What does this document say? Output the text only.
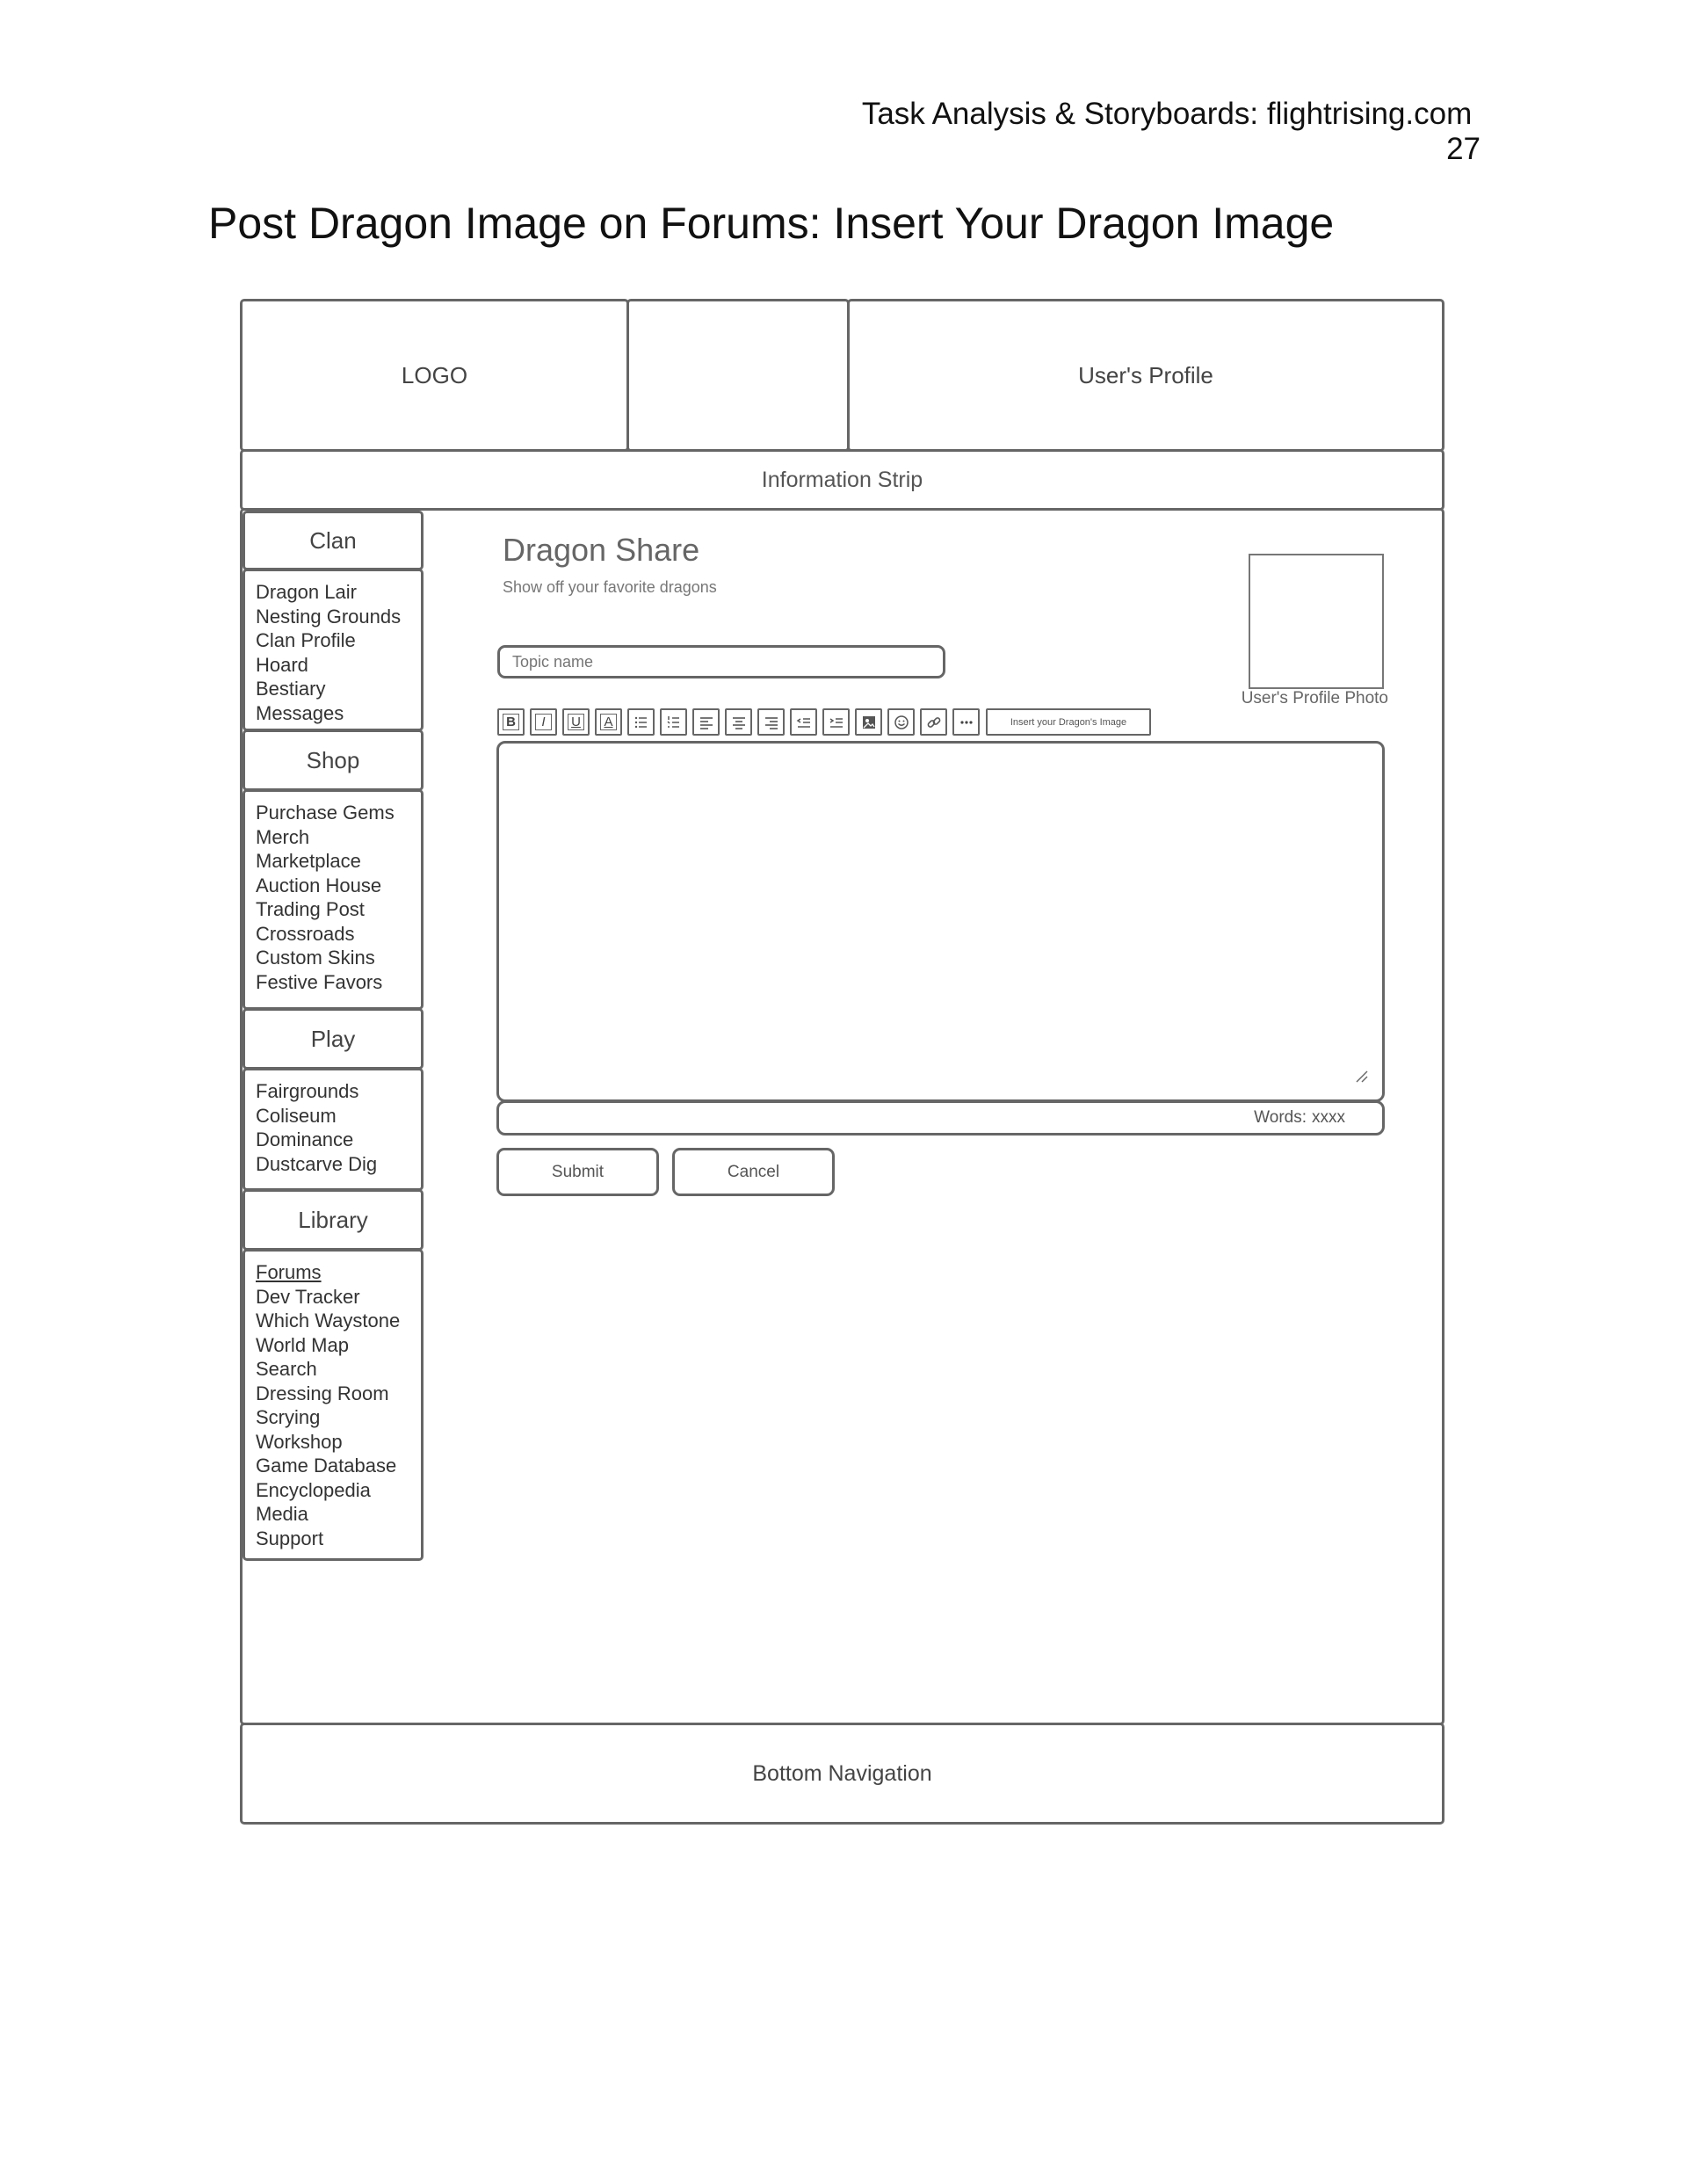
Task Analysis & Storyboards: flightrising.com  27
Post Dragon Image on Forums: Insert Your Dragon Image
LOGO	User's Profile
Information Strip
Bottom Navigation
Clan
Dragon Lair
Nesting Grounds
Clan Profile
Hoard
Bestiary
Messages
Shop
Purchase Gems
Merch
Marketplace
Auction House
Trading Post
Crossroads
Custom Skins
Festive Favors
Play
Fairgrounds
Coliseum
Dominance
Dustcarve Dig
Library
Forums
Dev Tracker
Which Waystone
World Map
Search
Dressing Room
Scrying
Workshop
Game Database
Encyclopedia
Media
Support
Dragon Share
Show off your favorite dragons
Topic name
User's Profile Photo
B	I	U A	Insert your Dragon's Image
Words: xxxx
Submit	Cancel
